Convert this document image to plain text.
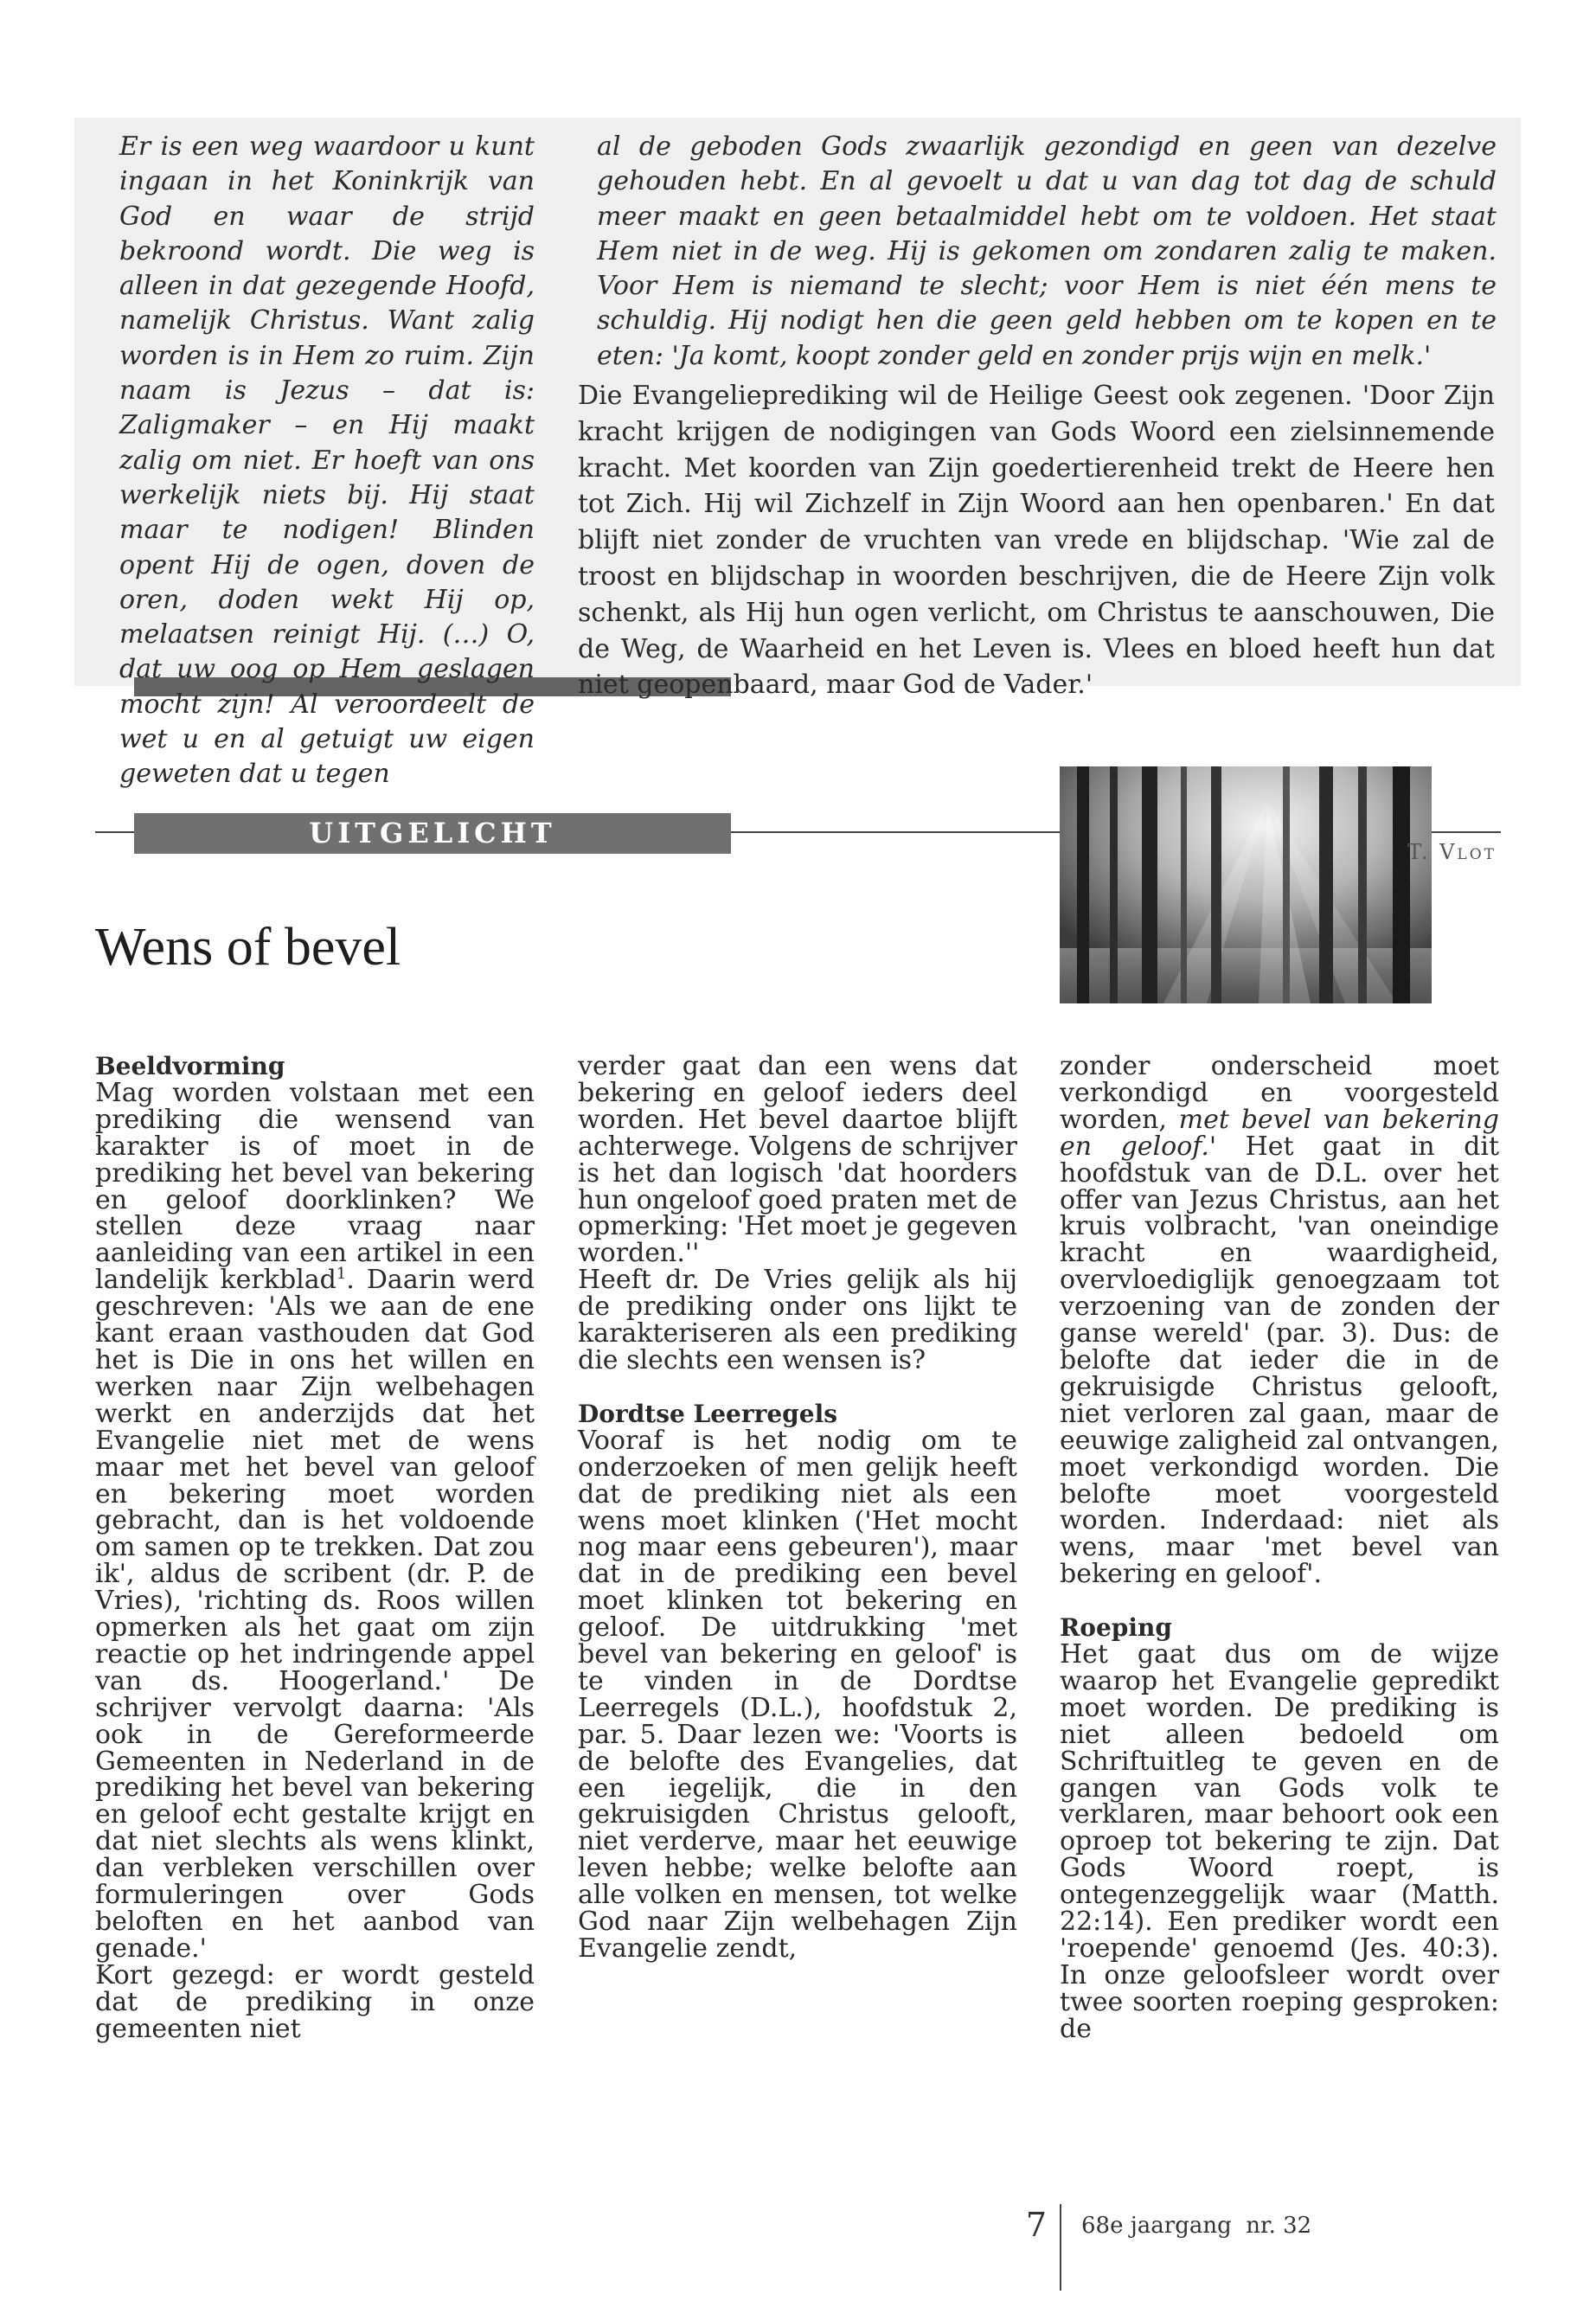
Er is een weg waardoor u kunt ingaan in het Koninkrijk van God en waar de strijd bekroond wordt. Die weg is alleen in dat gezegende Hoofd, namelijk Christus. Want zalig worden is in Hem zo ruim. Zijn naam is Jezus – dat is: Zaligmaker – en Hij maakt zalig om niet. Er hoeft van ons werkelijk niets bij. Hij staat maar te nodigen! Blinden opent Hij de ogen, doven de oren, doden wekt Hij op, melaatsen reinigt Hij. (…) O, dat uw oog op Hem geslagen mocht zijn! Al veroordeelt de wet u en al getuigt uw eigen geweten dat u tegen

al de geboden Gods zwaarlijk gezondigd en geen van dezelve gehouden hebt. En al gevoelt u dat u van dag tot dag de schuld meer maakt en geen betaalmiddel hebt om te voldoen. Het staat Hem niet in de weg. Hij is gekomen om zondaren zalig te maken. Voor Hem is niemand te slecht; voor Hem is niet één mens te schuldig. Hij nodigt hen die geen geld hebben om te kopen en te eten: 'Ja komt, koopt zonder geld en zonder prijs wijn en melk.'

Die Evangelieprediking wil de Heilige Geest ook zegenen. 'Door Zijn kracht krijgen de nodigingen van Gods Woord een zielsinnemende kracht. Met koorden van Zijn goedertierenheid trekt de Heere hen tot Zich. Hij wil Zichzelf in Zijn Woord aan hen openbaren.' En dat blijft niet zonder de vruchten van vrede en blijdschap. 'Wie zal de troost en blijdschap in woorden beschrijven, die de Heere Zijn volk schenkt, als Hij hun ogen verlicht, om Christus te aanschouwen, Die de Weg, de Waarheid en het Leven is. Vlees en bloed heeft hun dat niet geopenbaard, maar God de Vader.'

UITGELICHT
T. Vlot
Wens of bevel
Beeldvorming
Mag worden volstaan met een prediking die wensend van karakter is of moet in de prediking het bevel van bekering en geloof doorklinken? We stellen deze vraag naar aanleiding van een artikel in een landelijk kerkblad$^1$. Daarin werd geschreven: 'Als we aan de ene kant eraan vasthouden dat God het is Die in ons het willen en werken naar Zijn welbehagen werkt en anderzijds dat het Evangelie niet met de wens maar met het bevel van geloof en bekering moet worden gebracht, dan is het voldoende om samen op te trekken. Dat zou ik', aldus de scribent (dr. P. de Vries), 'richting ds. Roos willen opmerken als het gaat om zijn reactie op het indringende appel van ds. Hoogerland.' De schrijver vervolgt daarna: 'Als ook in de Gereformeerde Gemeenten in Nederland in de prediking het bevel van bekering en geloof echt gestalte krijgt en dat niet slechts als wens klinkt, dan verbleken verschillen over formuleringen over Gods beloften en het aanbod van genade.'
Kort gezegd: er wordt gesteld dat de prediking in onze gemeenten niet
verder gaat dan een wens dat bekering en geloof ieders deel worden. Het bevel daartoe blijft achterwege. Volgens de schrijver is het dan logisch 'dat hoorders hun ongeloof goed praten met de opmerking: 'Het moet je gegeven worden.''
Heeft dr. De Vries gelijk als hij de prediking onder ons lijkt te karakteriseren als een prediking die slechts een wensen is?
Dordtse Leerregels
Vooraf is het nodig om te onderzoeken of men gelijk heeft dat de prediking niet als een wens moet klinken ('Het mocht nog maar eens gebeuren'), maar dat in de prediking een bevel moet klinken tot bekering en geloof. De uitdrukking 'met bevel van bekering en geloof' is te vinden in de Dordtse Leerregels (D.L.), hoofdstuk 2, par. 5. Daar lezen we: 'Voorts is de belofte des Evangelies, dat een iegelijk, die in den gekruisigden Christus gelooft, niet verderve, maar het eeuwige leven hebbe; welke belofte aan alle volken en mensen, tot welke God naar Zijn welbehagen Zijn Evangelie zendt,
zonder onderscheid moet verkondigd en voorgesteld worden, met bevel van bekering en geloof.' Het gaat in dit hoofdstuk van de D.L. over het offer van Jezus Christus, aan het kruis volbracht, 'van oneindige kracht en waardigheid, overvloediglijk genoegzaam tot verzoening van de zonden der ganse wereld' (par. 3). Dus: de belofte dat ieder die in de gekruisigde Christus gelooft, niet verloren zal gaan, maar de eeuwige zaligheid zal ontvangen, moet verkondigd worden. Die belofte moet voorgesteld worden. Inderdaad: niet als wens, maar 'met bevel van bekering en geloof'.
Roeping
Het gaat dus om de wijze waarop het Evangelie gepredikt moet worden. De prediking is niet alleen bedoeld om Schriftuitleg te geven en de gangen van Gods volk te verklaren, maar behoort ook een oproep tot bekering te zijn. Dat Gods Woord roept, is ontegenzeggelijk waar (Matth. 22:14). Een prediker wordt een 'roepende' genoemd (Jes. 40:3). In onze geloofsleer wordt over twee soorten roeping gesproken: de
7 68e jaargang  nr. 32
